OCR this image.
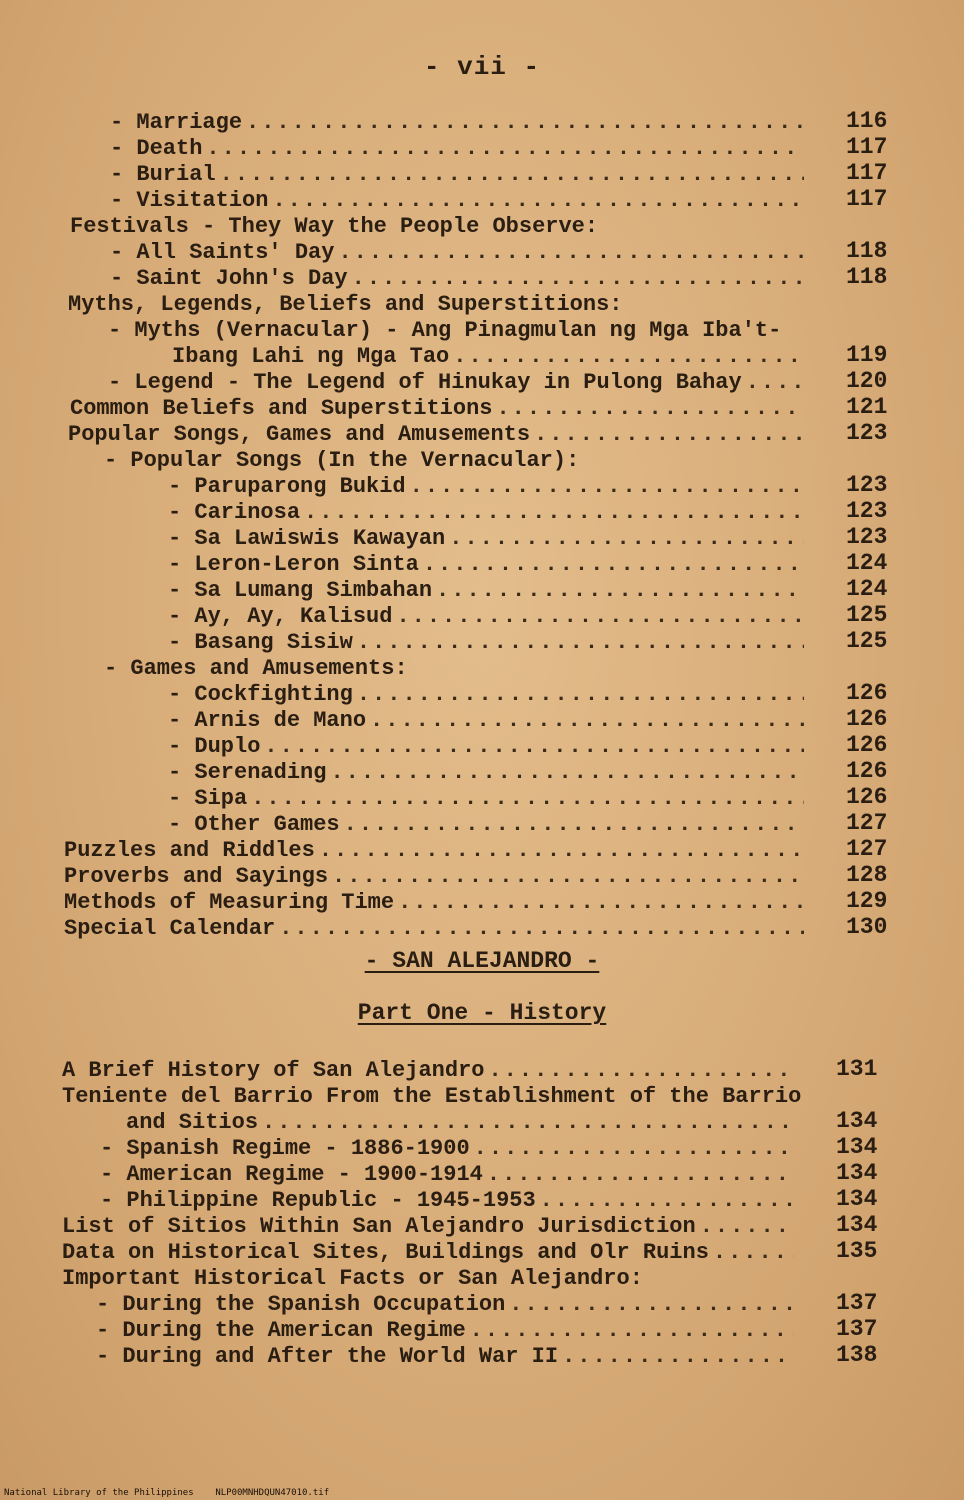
- vii -
116
- Marriage
.....
117
- Death
.....
117
- Burial
.....
117
- Visitation
.....
Festivals - They Way the People Observe:
118
- All Saints' Day
.....
118
- Saint John's Day
.....
Myths, Legends, Beliefs and Superstitions:
- Myths (Vernacular) - Ang Pinagmulan ng Mga Iba't-
119
Ibang Lahi ng Mga Tao
.....
120
- Legend - The Legend of Hinukay in Pulong Bahay
.....
121
Common Beliefs and Superstitions
.....
123
Popular Songs, Games and Amusements
.....
- Popular Songs (In the Vernacular):
123
- Paruparong Bukid
.....
123
- Carinosa
.....
123
- Sa Lawiswis Kawayan
.....
124
- Leron-Leron Sinta
.....
124
- Sa Lumang Simbahan
.....
125
- Ay, Ay, Kalisud
.....
125
- Basang Sisiw
.....
- Games and Amusements:
126
- Cockfighting
.....
126
- Arnis de Mano
.....
126
- Duplo
.....
126
- Serenading
.....
126
- Sipa
.....
127
- Other Games
.....
127
Puzzles and Riddles
.....
128
Proverbs and Sayings
.....
129
Methods of Measuring Time
.....
130
Special Calendar
.....
131
A Brief History of San Alejandro
.....
Teniente del Barrio From the Establishment of the Barrio
134
and Sitios
.....
134
- Spanish Regime - 1886-1900
.....
134
- American Regime - 1900-1914
.....
134
- Philippine Republic - 1945-1953
.....
134
List of Sitios Within San Alejandro Jurisdiction
.....
135
Data on Historical Sites, Buildings and Olr Ruins
.....
Important Historical Facts or San Alejandro:
137
- During the Spanish Occupation
.....
137
- During the American Regime
.....
138
- During and After the World War II
.....
- SAN ALEJANDRO -
Part One - History
National Library of the Philippines    NLP00MNHDQUN47010.tif
